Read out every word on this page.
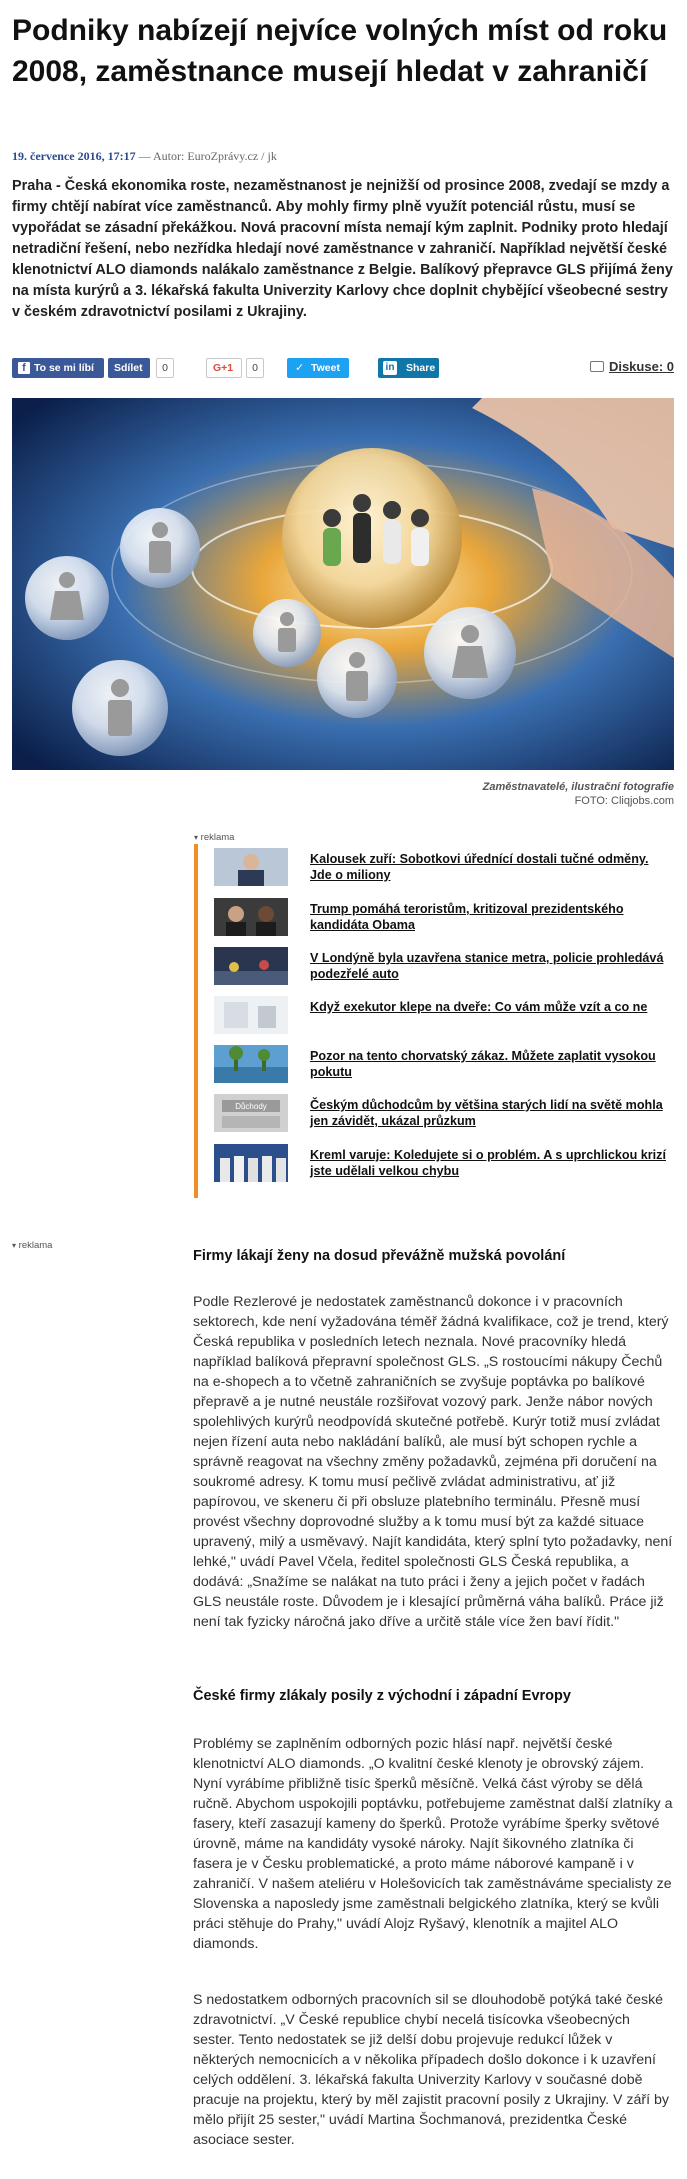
Podniky nabízejí nejvíce volných míst od roku 2008, zaměstnance musejí hledat v zahraničí
19. července 2016, 17:17 — Autor: EuroZprávy.cz / jk

Praha - Česká ekonomika roste, nezaměstnanost je nejnižší od prosince 2008, zvedají se mzdy a firmy chtějí nabírat více zaměstnanců. Aby mohly firmy plně využít potenciál růstu, musí se vypořádat se zásadní překážkou. Nová pracovní místa nemají kým zaplnit. Podniky proto hledají netradiční řešení, nebo nezřídka hledají nové zaměstnance v zahraničí. Například největší české klenotnictví ALO diamonds nalákalo zaměstnance z Belgie. Balíkový přepravce GLS přijímá ženy na místa kurýrů a 3. lékařská fakulta Univerzity Karlovy chce doplnit chybějící všeobecné sestry v českém zdravotnictví posilami z Ukrajiny.

f To se mi líbí	Sdílet	0	G+1	0	✓ Tweet	in Share	Diskuse: 0
Zaměstnavatelé, ilustrační fotografie
FOTO: Cliqjobs.com
▾ reklama
Kalousek zuří: Sobotkovi úřednící dostali tučné odměny. Jde o miliony
Trump pomáhá teroristům, kritizoval prezidentského kandidáta Obama
V Londýně byla uzavřena stanice metra, policie prohledává podezřelé auto
Když exekutor klepe na dveře: Co vám může vzít a co ne
Pozor na tento chorvatský zákaz. Můžete zaplatit vysokou pokutu
Důchody	Českým důchodcům by většina starých lidí na světě mohla jen závidět, ukázal průzkum
Kreml varuje: Koledujete si o problém. A s uprchlickou krizí jste udělali velkou chybu
▾ reklama
Firmy lákají ženy na dosud převážně mužská povolání

Podle Rezlerové je nedostatek zaměstnanců dokonce i v pracovních sektorech, kde není vyžadována téměř žádná kvalifikace, což je trend, který Česká republika v posledních letech neznala. Nové pracovníky hledá například balíková přepravní společnost GLS. „S rostoucími nákupy Čechů na e-shopech a to včetně zahraničních se zvyšuje poptávka po balíkové přepravě a je nutné neustále rozšiřovat vozový park. Jenže nábor nových spolehlivých kurýrů neodpovídá skutečné potřebě. Kurýr totiž musí zvládat nejen řízení auta nebo nakládání balíků, ale musí být schopen rychle a správně reagovat na všechny změny požadavků, zejména při doručení na soukromé adresy. K tomu musí pečlivě zvládat administrativu, ať již papírovou, ve skeneru či při obsluze platebního terminálu. Přesně musí provést všechny doprovodné služby a k tomu musí být za každé situace upravený, milý a usměvavý. Najít kandidáta, který splní tyto požadavky, není lehké," uvádí Pavel Včela, ředitel společnosti GLS Česká republika, a dodává: „Snažíme se nalákat na tuto práci i ženy a jejich počet v řadách GLS neustále roste. Důvodem je i klesající průměrná váha balíků. Práce již není tak fyzicky náročná jako dříve a určitě stále více žen baví řídit."

České firmy zlákaly posily z východní i západní Evropy

Problémy se zaplněním odborných pozic hlásí např. největší české klenotnictví ALO diamonds. „O kvalitní české klenoty je obrovský zájem. Nyní vyrábíme přibližně tisíc šperků měsíčně. Velká část výroby se dělá ručně. Abychom uspokojili poptávku, potřebujeme zaměstnat další zlatníky a fasery, kteří zasazují kameny do šperků. Protože vyrábíme šperky světové úrovně, máme na kandidáty vysoké nároky. Najít šikovného zlatníka či fasera je v Česku problematické, a proto máme náborové kampaně i v zahraničí. V našem ateliéru v Holešovicích tak zaměstnáváme specialisty ze Slovenska a naposledy jsme zaměstnali belgického zlatníka, který se kvůli práci stěhuje do Prahy," uvádí Alojz Ryšavý, klenotník a majitel ALO diamonds.

S nedostatkem odborných pracovních sil se dlouhodobě potýká také české zdravotnictví. „V České republice chybí necelá tisícovka všeobecných sester. Tento nedostatek se již delší dobu projevuje redukcí lůžek v některých nemocnicích a v několika případech došlo dokonce i k uzavření celých oddělení. 3. lékařská fakulta Univerzity Karlovy v současné době pracuje na projektu, který by měl zajistit pracovní posily z Ukrajiny. V září by mělo přijít 25 sester," uvádí Martina Šochmanová, prezidentka České asociace sester.
